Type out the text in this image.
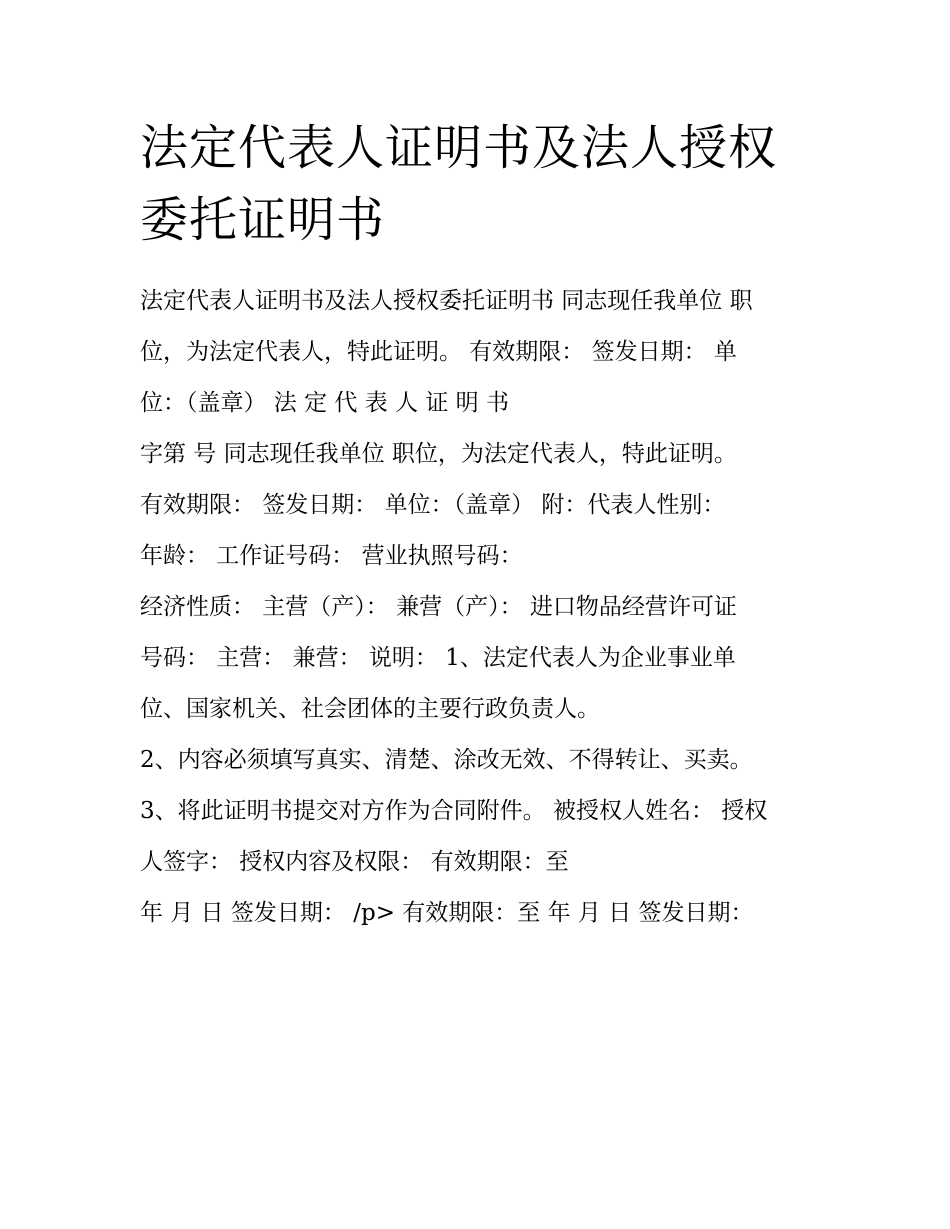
法定代表人证明书及法人授权
委托证明书
法定代表人证明书及法人授权委托证明书 同志现任我单位 职
位，为法定代表人，特此证明。 有效期限： 签发日期： 单
位：（盖章） 法 定 代 表 人 证 明 书
字第 号 同志现任我单位 职位，为法定代表人，特此证明。
有效期限： 签发日期： 单位：（盖章） 附：代表人性别：
年龄： 工作证号码： 营业执照号码：
经济性质： 主营（产）： 兼营（产）： 进口物品经营许可证
号码： 主营： 兼营： 说明： 1、法定代表人为企业事业单
位、国家机关、社会团体的主要行政负责人。
2、内容必须填写真实、清楚、涂改无效、不得转让、买卖。
3、将此证明书提交对方作为合同附件。 被授权人姓名： 授权
人签字： 授权内容及权限： 有效期限：至
年 月 日 签发日期： /p> 有效期限：至 年 月 日 签发日期：
